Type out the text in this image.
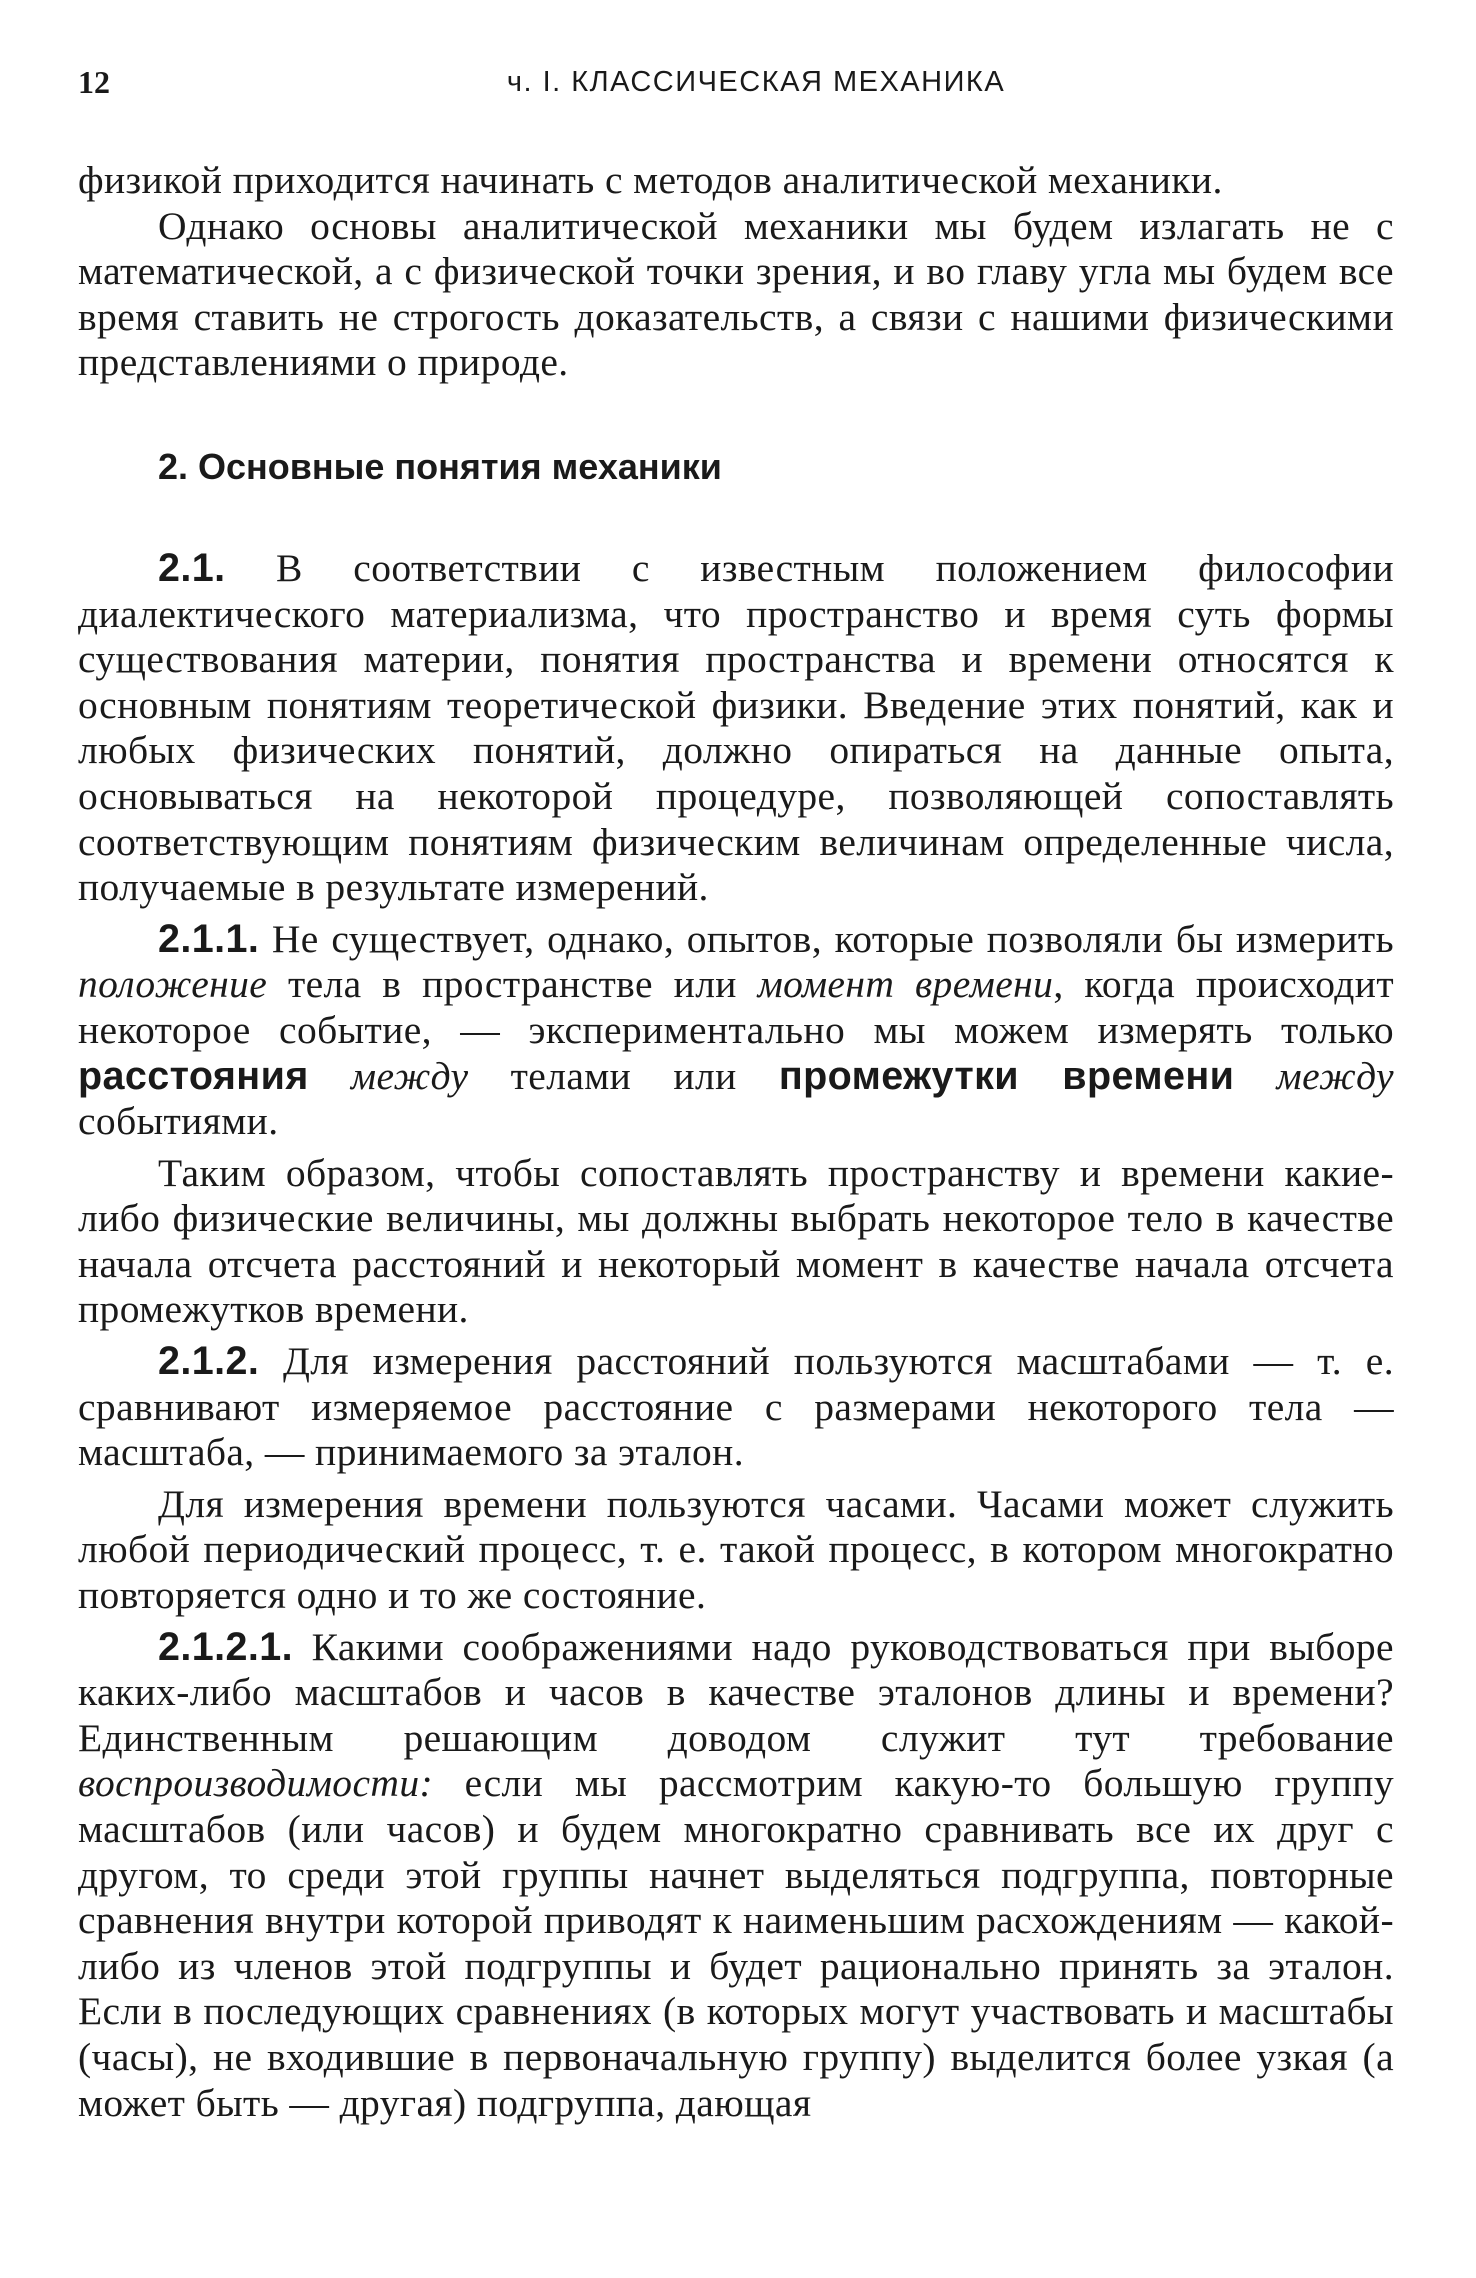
12	ч. I. КЛАССИЧЕСКАЯ МЕХАНИКА

физикой приходится начинать с методов аналитической механики.

Однако основы аналитической механики мы будем излагать не с математической, а с физической точки зрения, и во главу угла мы будем все время ставить не строгость доказательств, а связи с нашими физическими представлениями о природе.

2. Основные понятия механики

2.1. В соответствии с известным положением философии диалектического материализма, что пространство и время суть формы существования материи, понятия пространства и времени относятся к основным понятиям теоретической физики. Введение этих понятий, как и любых физических понятий, должно опираться на данные опыта, основываться на некоторой процедуре, позволяющей сопоставлять соответствующим понятиям физическим величинам определенные числа, получаемые в результате измерений.

2.1.1. Не существует, однако, опытов, которые позволяли бы измерить положение тела в пространстве или момент времени, когда происходит некоторое событие, — экспериментально мы можем измерять только расстояния между телами или промежутки времени между событиями.

Таким образом, чтобы сопоставлять пространству и времени какие-либо физические величины, мы должны выбрать некоторое тело в качестве начала отсчета расстояний и некоторый момент в качестве начала отсчета промежутков времени.

2.1.2. Для измерения расстояний пользуются масштабами — т. е. сравнивают измеряемое расстояние с размерами некоторого тела — масштаба, — принимаемого за эталон.

Для измерения времени пользуются часами. Часами может служить любой периодический процесс, т. е. такой процесс, в котором многократно повторяется одно и то же состояние.

2.1.2.1. Какими соображениями надо руководствоваться при выборе каких-либо масштабов и часов в качестве эталонов длины и времени? Единственным решающим доводом служит тут требование воспроизводимости: если мы рассмотрим какую-то большую группу масштабов (или часов) и будем многократно сравнивать все их друг с другом, то среди этой группы начнет выделяться подгруппа, повторные сравнения внутри которой приводят к наименьшим расхождениям — какой-либо из членов этой подгруппы и будет рационально принять за эталон. Если в последующих сравнениях (в которых могут участвовать и масштабы (часы), не входившие в первоначальную группу) выделится более узкая (а может быть — другая) подгруппа, дающая
